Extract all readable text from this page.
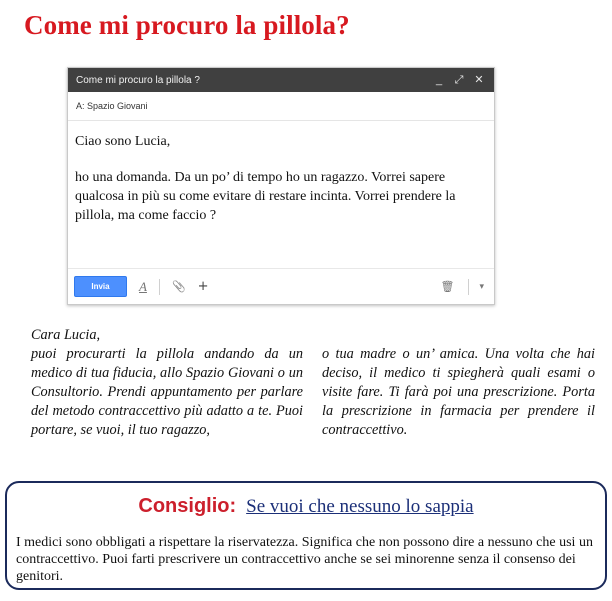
Come mi procuro la pillola?
Come mi procuro la pillola ?	_	⤢ ✕
A: Spazio Giovani

Ciao sono Lucia,

ho una domanda. Da un po’ di tempo ho un ragazzo. Vorrei sapere qualcosa in più su come evitare di restare incinta. Vorrei prendere la pillola, ma come faccio ?

Invia	A 📎 +	🗑	▾

Cara Lucia,
puoi procurarti la pillola andando da un medico di tua fiducia, allo Spazio Giovani o un Consultorio. Prendi appuntamento per parlare del metodo contraccettivo più adatto a te. Puoi portare, se vuoi, il tuo ragazzo,

o tua madre o un’ amica. Una volta che hai deciso, il medico ti spiegherà quali esami o visite fare. Ti farà poi una prescrizione. Porta la prescrizione in farmacia per prendere il contraccettivo.

Consiglio: Se vuoi che nessuno lo sappia

I medici sono obbligati a rispettare la riservatezza. Significa che non possono dire a nessuno che usi un contraccettivo. Puoi farti prescrivere un contraccettivo anche se sei minorenne senza il consenso dei genitori.
